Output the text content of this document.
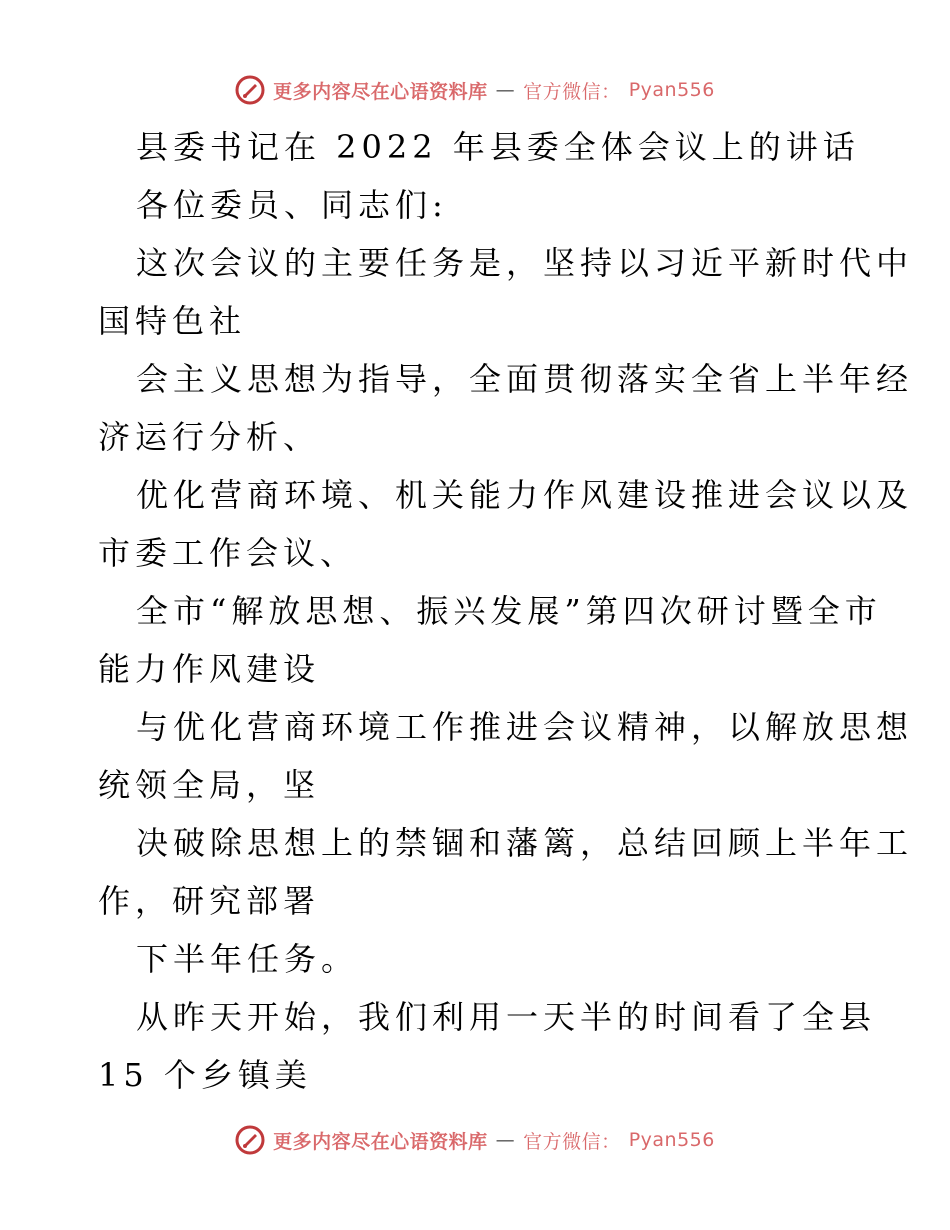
更多内容尽在心语资料库 — 官方微信： Pyan556
县委书记在 2022 年县委全体会议上的讲话
各位委员、同志们:
这次会议的主要任务是，坚持以习近平新时代中
国特色社
会主义思想为指导，全面贯彻落实全省上半年经
济运行分析、
优化营商环境、机关能力作风建设推进会议以及
市委工作会议、
全市“解放思想、振兴发展”第四次研讨暨全市
能力作风建设
与优化营商环境工作推进会议精神，以解放思想
统领全局，坚
决破除思想上的禁锢和藩篱，总结回顾上半年工
作，研究部署
下半年任务。
从昨天开始，我们利用一天半的时间看了全县
15 个乡镇美
更多内容尽在心语资料库 — 官方微信： Pyan556
